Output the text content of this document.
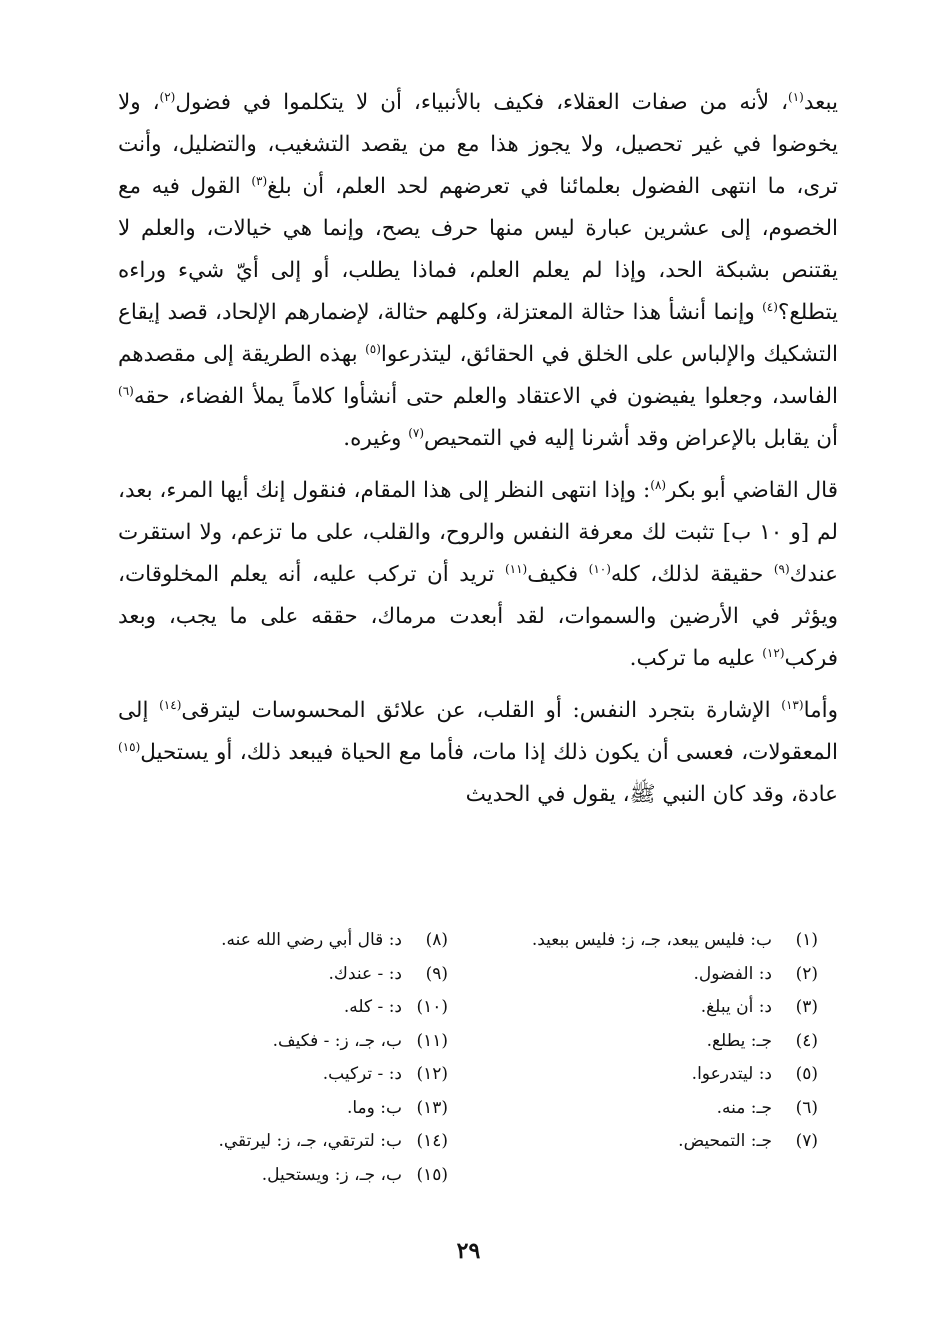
يبعد$^{(١)}$، لأنه من صفات العقلاء، فكيف بالأنبياء، أن لا يتكلموا في فضول$^{(٢)}$، ولا يخوضوا في غير تحصيل، ولا يجوز هذا مع من يقصد التشغيب، والتضليل، وأنت ترى، ما انتهى الفضول بعلمائنا في تعرضهم لحد العلم، أن بلغ$^{(٣)}$ القول فيه مع الخصوم، إلى عشرين عبارة ليس منها حرف يصح، وإنما هي خيالات، والعلم لا يقتنص بشبكة الحد، وإذا لم يعلم العلم، فماذا يطلب، أو إلى أيّ شيء وراءه يتطلع؟$^{(٤)}$ وإنما أنشأ هذا حثالة المعتزلة، وكلهم حثالة، لإضمارهم الإلحاد، قصد إيقاع التشكيك والإلباس على الخلق في الحقائق، ليتذرعوا$^{(٥)}$ بهذه الطريقة إلى مقصدهم الفاسد، وجعلوا يفيضون في الاعتقاد والعلم حتى أنشأوا كلاماً يملأ الفضاء، حقه$^{(٦)}$ أن يقابل بالإعراض وقد أشرنا إليه في التمحيص$^{(٧)}$ وغيره.

قال القاضي أبو بكر$^{(٨)}$: وإذا انتهى النظر إلى هذا المقام، فنقول إنك أيها المرء، بعد، لم [و ١٠ ب] تثبت لك معرفة النفس والروح، والقلب، على ما تزعم، ولا استقرت عندك$^{(٩)}$ حقيقة لذلك، كله$^{(١٠)}$ فكيف$^{(١١)}$ تريد أن تركب عليه، أنه يعلم المخلوقات، ويؤثر في الأرضين والسموات، لقد أبعدت مرماك، حققه على ما يجب، وبعد فركب$^{(١٢)}$ عليه ما تركب.

وأما$^{(١٣)}$ الإشارة بتجرد النفس: أو القلب، عن علائق المحسوسات ليترقى$^{(١٤)}$ إلى المعقولات، فعسى أن يكون ذلك إذا مات، فأما مع الحياة فيبعد ذلك، أو يستحيل$^{(١٥)}$ عادة، وقد كان النبي ﷺ، يقول في الحديث

(١)
ب: فليس يبعد، جـ، ز: فليس ببعيد.
(٢)
د: الفضول.
(٣)
د: أن يبلغ.
(٤)
جـ: يطلع.
(٥)
د: ليتدرعوا.
(٦)
جـ: منه.
(٧)
جـ: التمحيض.
(٨)
د: قال أبي رضي الله عنه.
(٩)
د: - عندك.
(١٠)
د: - كله.
(١١)
ب، جـ، ز: - فكيف.
(١٢)
د: - تركيب.
(١٣)
ب: وما.
(١٤)
ب: لترتقي، جـ، ز: ليرتقي.
(١٥)
ب، جـ، ز: ويستحيل.
٢٩
